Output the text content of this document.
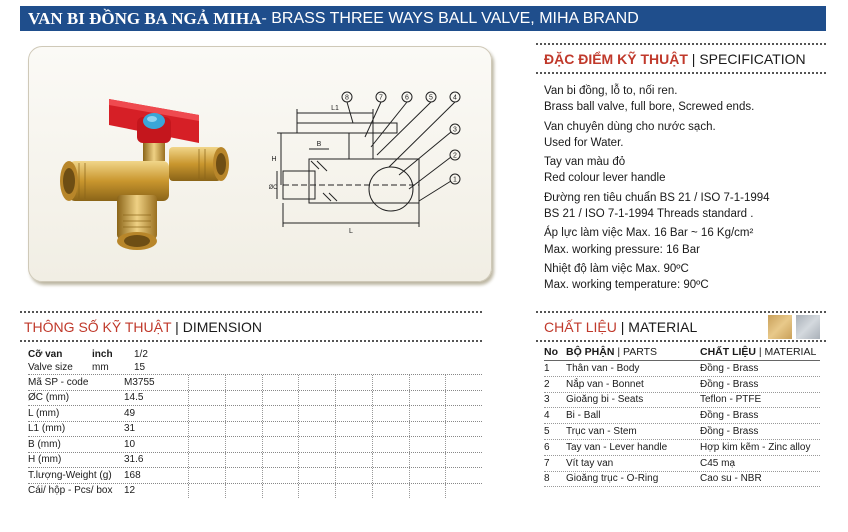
VAN BI ĐỒNG BA NGẢ MIHA - BRASS THREE WAYS BALL VALVE, MIHA BRAND
8	7	6	5	4
3
2
1
L1
H
B
ØC
L
ĐẶC ĐIỂM KỸ THUẬT | SPECIFICATION
Van bi đồng, lỗ to, nối ren.
Brass ball valve, full bore, Screwed ends.
Van chuyên dùng cho nước sạch.
Used for Water.
Tay van màu đỏ
Red colour lever handle
Đường ren tiêu chuẩn BS 21 / ISO 7-1-1994
BS 21 / ISO 7-1-1994 Threads standard .
Áp lực làm việc Max. 16 Bar ~ 16 Kg/cm²
Max. working pressure: 16 Bar
Nhiệt độ làm việc Max. 90ºC
Max. working temperature: 90ºC
THÔNG SỐ KỸ THUẬT | DIMENSION
Cỡ van	inch	1/2
Valve size	mm	15
Mã SP - code	M3755
ØC (mm)	14.5
L (mm)	49
L1 (mm)	31
B (mm)	10
H (mm)	31.6
T.lượng-Weight (g)	168
Cái/ hộp - Pcs/ box	12
CHẤT LIỆU | MATERIAL
No BỘ PHẬN | PARTS	CHẤT LIỆU | MATERIAL
1	Thân van - Body	Đồng - Brass
2	Nắp van - Bonnet	Đồng - Brass
3	Gioăng bi - Seats	Teflon - PTFE
4	Bi - Ball	Đồng - Brass
5	Trục van - Stem	Đồng - Brass
6	Tay van - Lever handle	Hợp kim kẽm - Zinc alloy
7	Vít tay van	C45 mạ
8	Gioăng trục - O-Ring	Cao su - NBR
